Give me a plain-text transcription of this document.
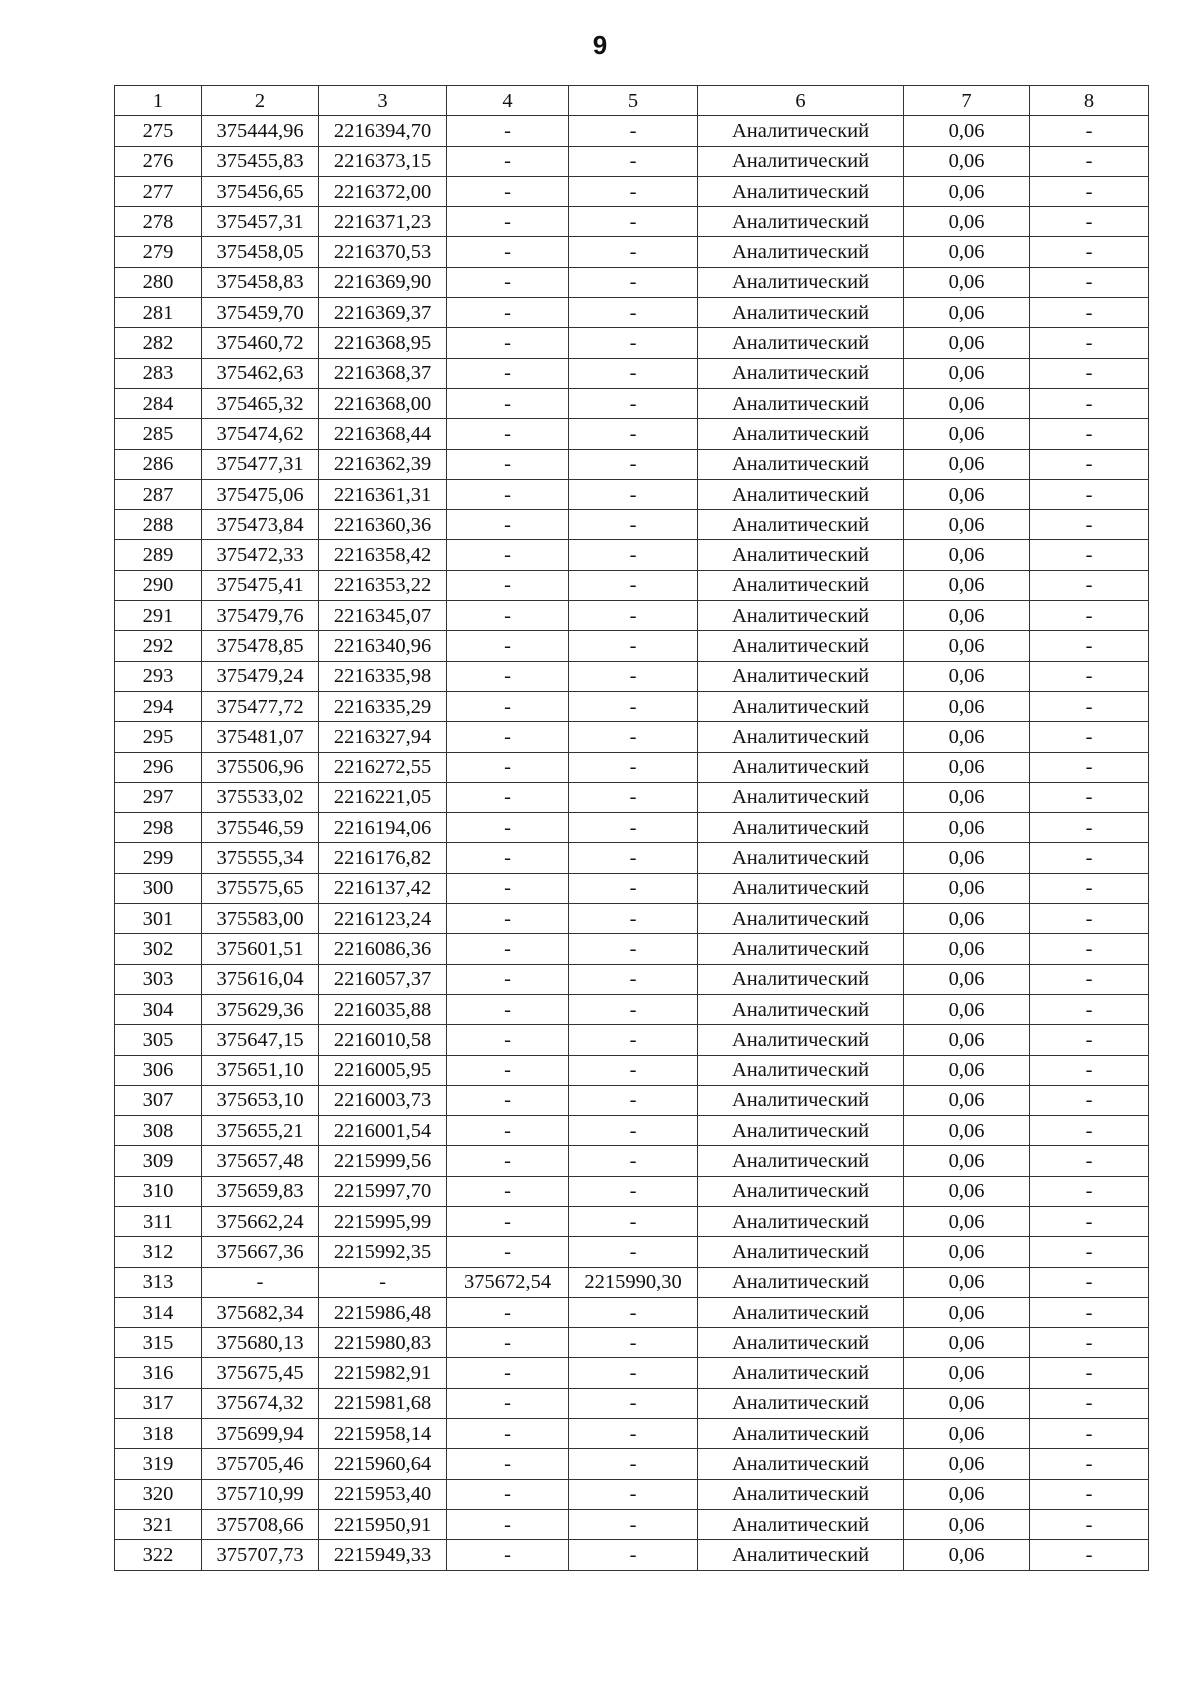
9
1	2	3	4	5	6	7	8
275	375444,96	2216394,70	-	-	Аналитический	0,06	-
276	375455,83	2216373,15	-	-	Аналитический	0,06	-
277	375456,65	2216372,00	-	-	Аналитический	0,06	-
278	375457,31	2216371,23	-	-	Аналитический	0,06	-
279	375458,05	2216370,53	-	-	Аналитический	0,06	-
280	375458,83	2216369,90	-	-	Аналитический	0,06	-
281	375459,70	2216369,37	-	-	Аналитический	0,06	-
282	375460,72	2216368,95	-	-	Аналитический	0,06	-
283	375462,63	2216368,37	-	-	Аналитический	0,06	-
284	375465,32	2216368,00	-	-	Аналитический	0,06	-
285	375474,62	2216368,44	-	-	Аналитический	0,06	-
286	375477,31	2216362,39	-	-	Аналитический	0,06	-
287	375475,06	2216361,31	-	-	Аналитический	0,06	-
288	375473,84	2216360,36	-	-	Аналитический	0,06	-
289	375472,33	2216358,42	-	-	Аналитический	0,06	-
290	375475,41	2216353,22	-	-	Аналитический	0,06	-
291	375479,76	2216345,07	-	-	Аналитический	0,06	-
292	375478,85	2216340,96	-	-	Аналитический	0,06	-
293	375479,24	2216335,98	-	-	Аналитический	0,06	-
294	375477,72	2216335,29	-	-	Аналитический	0,06	-
295	375481,07	2216327,94	-	-	Аналитический	0,06	-
296	375506,96	2216272,55	-	-	Аналитический	0,06	-
297	375533,02	2216221,05	-	-	Аналитический	0,06	-
298	375546,59	2216194,06	-	-	Аналитический	0,06	-
299	375555,34	2216176,82	-	-	Аналитический	0,06	-
300	375575,65	2216137,42	-	-	Аналитический	0,06	-
301	375583,00	2216123,24	-	-	Аналитический	0,06	-
302	375601,51	2216086,36	-	-	Аналитический	0,06	-
303	375616,04	2216057,37	-	-	Аналитический	0,06	-
304	375629,36	2216035,88	-	-	Аналитический	0,06	-
305	375647,15	2216010,58	-	-	Аналитический	0,06	-
306	375651,10	2216005,95	-	-	Аналитический	0,06	-
307	375653,10	2216003,73	-	-	Аналитический	0,06	-
308	375655,21	2216001,54	-	-	Аналитический	0,06	-
309	375657,48	2215999,56	-	-	Аналитический	0,06	-
310	375659,83	2215997,70	-	-	Аналитический	0,06	-
311	375662,24	2215995,99	-	-	Аналитический	0,06	-
312	375667,36	2215992,35	-	-	Аналитический	0,06	-
313	-	-	375672,54	2215990,30	Аналитический	0,06	-
314	375682,34	2215986,48	-	-	Аналитический	0,06	-
315	375680,13	2215980,83	-	-	Аналитический	0,06	-
316	375675,45	2215982,91	-	-	Аналитический	0,06	-
317	375674,32	2215981,68	-	-	Аналитический	0,06	-
318	375699,94	2215958,14	-	-	Аналитический	0,06	-
319	375705,46	2215960,64	-	-	Аналитический	0,06	-
320	375710,99	2215953,40	-	-	Аналитический	0,06	-
321	375708,66	2215950,91	-	-	Аналитический	0,06	-
322	375707,73	2215949,33	-	-	Аналитический	0,06	-
